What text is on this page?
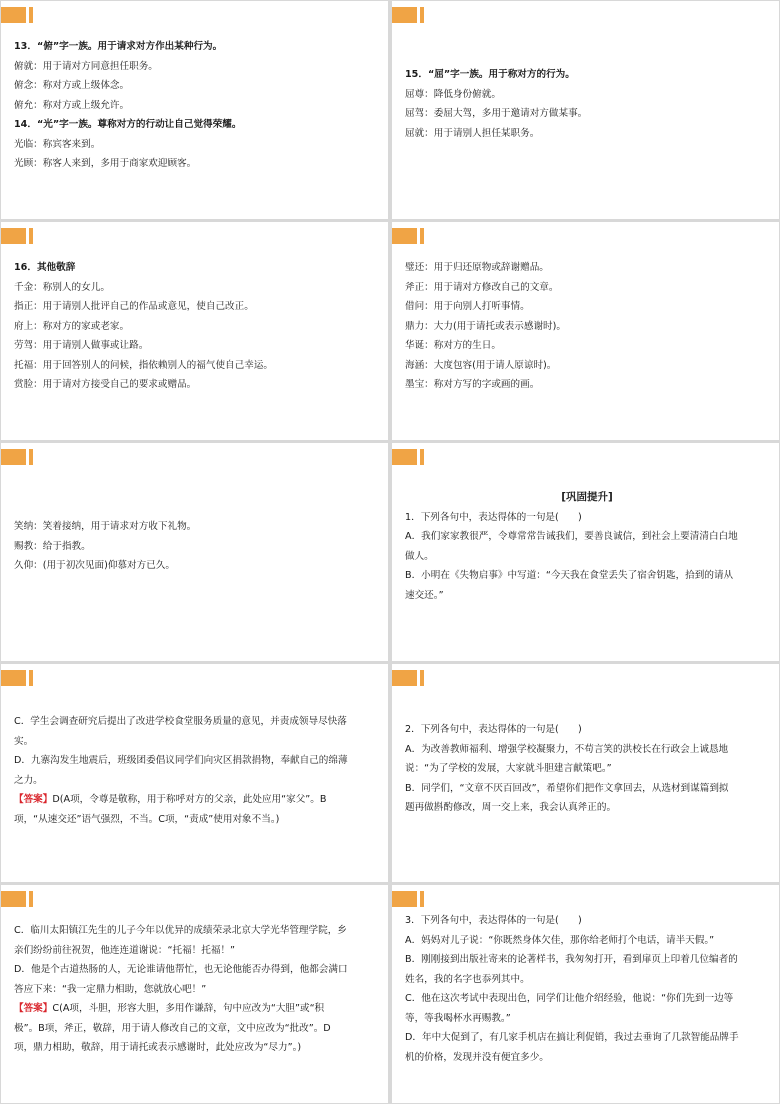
13．“俯”字一族。用于请求对方作出某种行为。

俯就：用于请对方同意担任职务。

俯念：称对方或上级体念。

俯允：称对方或上级允许。

14．“光”字一族。尊称对方的行动让自己觉得荣耀。

光临：称宾客来到。

光顾：称客人来到，多用于商家欢迎顾客。

15．“屈”字一族。用于称对方的行为。

屈尊：降低身份俯就。

屈驾：委屈大驾，多用于邀请对方做某事。

屈就：用于请别人担任某职务。

16．其他敬辞

千金：称别人的女儿。

指正：用于请别人批评自己的作品或意见，使自己改正。

府上：称对方的家或老家。

劳驾：用于请别人做事或让路。

托福：用于回答别人的问候，指依赖别人的福气使自己幸运。

赏脸：用于请对方接受自己的要求或赠品。

璧还：用于归还原物或辞谢赠品。

斧正：用于请对方修改自己的文章。

借问：用于向别人打听事情。

鼎力：大力(用于请托或表示感谢时)。

华诞：称对方的生日。

海涵：大度包容(用于请人原谅时)。

墨宝：称对方写的字或画的画。

笑纳：笑着接纳，用于请求对方收下礼物。

赐教：给于指教。

久仰：(用于初次见面)仰慕对方已久。

[巩固提升]

1．下列各句中，表达得体的一句是(　　)

A．我们家家教很严，令尊常常告诫我们，要善良诚信，到社会上要清清白白地

做人。

B．小明在《失物启事》中写道：“今天我在食堂丢失了宿舍钥匙，拾到的请从

速交还。”

C．学生会调查研究后提出了改进学校食堂服务质量的意见，并责成领导尽快落

实。

D．九寨沟发生地震后，班级团委倡议同学们向灾区捐款捐物，奉献自己的绵薄

之力。

【答案】D(A项，令尊是敬称，用于称呼对方的父亲，此处应用“家父”。B

项，“从速交还”语气强烈，不当。C项，“责成”使用对象不当。)

2．下列各句中，表达得体的一句是(　　)

A．为改善教师福利、增强学校凝聚力，不苟言笑的洪校长在行政会上诚恳地

说：“为了学校的发展，大家就斗胆建言献策吧。”

B．同学们，“文章不厌百回改”，希望你们把作文拿回去，从选材到谋篇到拟

题再做斟酌修改，周一交上来，我会认真斧正的。

C．临川太阳镇江先生的儿子今年以优异的成绩荣录北京大学光华管理学院，乡

亲们纷纷前往祝贺，他连连道谢说：“托福！托福！”

D．他是个古道热肠的人，无论谁请他帮忙，也无论他能否办得到，他都会满口

答应下来：“我一定鼎力相助，您就放心吧！”

【答案】C(A项，斗胆，形容大胆，多用作谦辞，句中应改为“大胆”或“积

极”。B项，斧正，敬辞，用于请人修改自己的文章，文中应改为“批改”。D

项，鼎力相助，敬辞，用于请托或表示感谢时，此处应改为“尽力”。)

3．下列各句中，表达得体的一句是(　　)

A．妈妈对儿子说：“你既然身体欠佳，那你给老师打个电话，请半天假。”

B．刚刚接到出版社寄来的论著样书，我匆匆打开，看到扉页上印着几位编者的

姓名，我的名字也忝列其中。

C．他在这次考试中表现出色，同学们让他介绍经验，他说：“你们先到一边等

等，等我喝杯水再赐教。”

D．年中大促到了，有几家手机店在搞让利促销，我过去垂询了几款智能品牌手

机的价格，发现并没有便宜多少。
